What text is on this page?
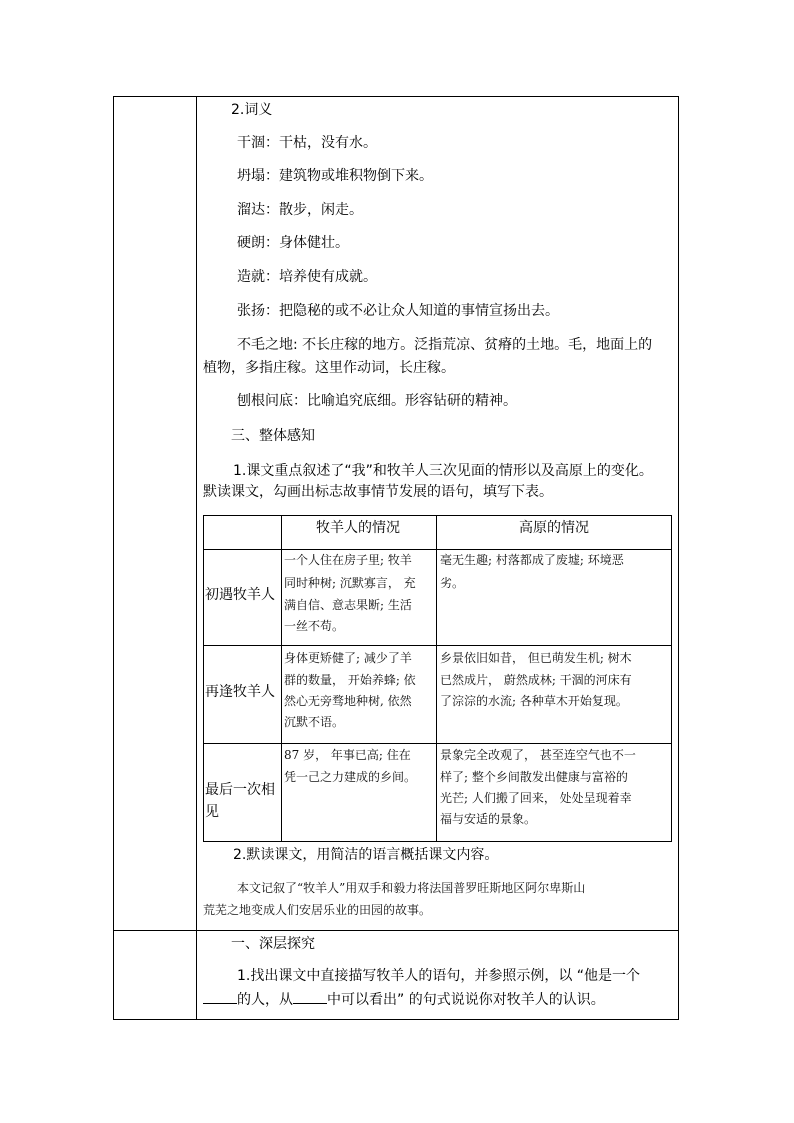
2.词义
干涸：干枯，没有水。
坍塌：建筑物或堆积物倒下来。
溜达：散步，闲走。
硬朗：身体健壮。
造就：培养使有成就。
张扬：把隐秘的或不必让众人知道的事情宣扬出去。
不毛之地: 不长庄稼的地方。泛指荒凉、贫瘠的土地。毛，地面上的
植物，多指庄稼。这里作动词，长庄稼。
刨根问底：比喻追究底细。形容钻研的精神。
三、整体感知
1.课文重点叙述了“我”和牧羊人三次见面的情形以及高原上的变化。
默读课文，勾画出标志故事情节发展的语句，填写下表。
牧羊人的情况	高原的情况
初遇牧羊人
一个人住在房子里; 牧羊
同时种树; 沉默寡言， 充
满自信、意志果断; 生活
一丝不苟。
毫无生趣; 村落都成了废墟; 环境恶
劣。
再逢牧羊人
身体更矫健了; 减少了羊
群的数量， 开始养蜂; 依
然心无旁骛地种树, 依然
沉默不语。
乡景依旧如昔， 但已萌发生机; 树木
已然成片， 蔚然成林; 干涸的河床有
了淙淙的水流; 各种草木开始复现。
最后一次相
见
87 岁， 年事已高; 住在
凭一己之力建成的乡间。
景象完全改观了， 甚至连空气也不一
样了; 整个乡间散发出健康与富裕的
光芒; 人们搬了回来， 处处呈现着幸
福与安适的景象。
2.默读课文，用简洁的语言概括课文内容。
本文记叙了“牧羊人”用双手和毅力将法国普罗旺斯地区阿尔卑斯山
荒芜之地变成人们安居乐业的田园的故事。
一、深层探究
1.找出课文中直接描写牧羊人的语句，并参照示例，以 “他是一个
的人，从 中可以看出” 的句式说说你对牧羊人的认识。
